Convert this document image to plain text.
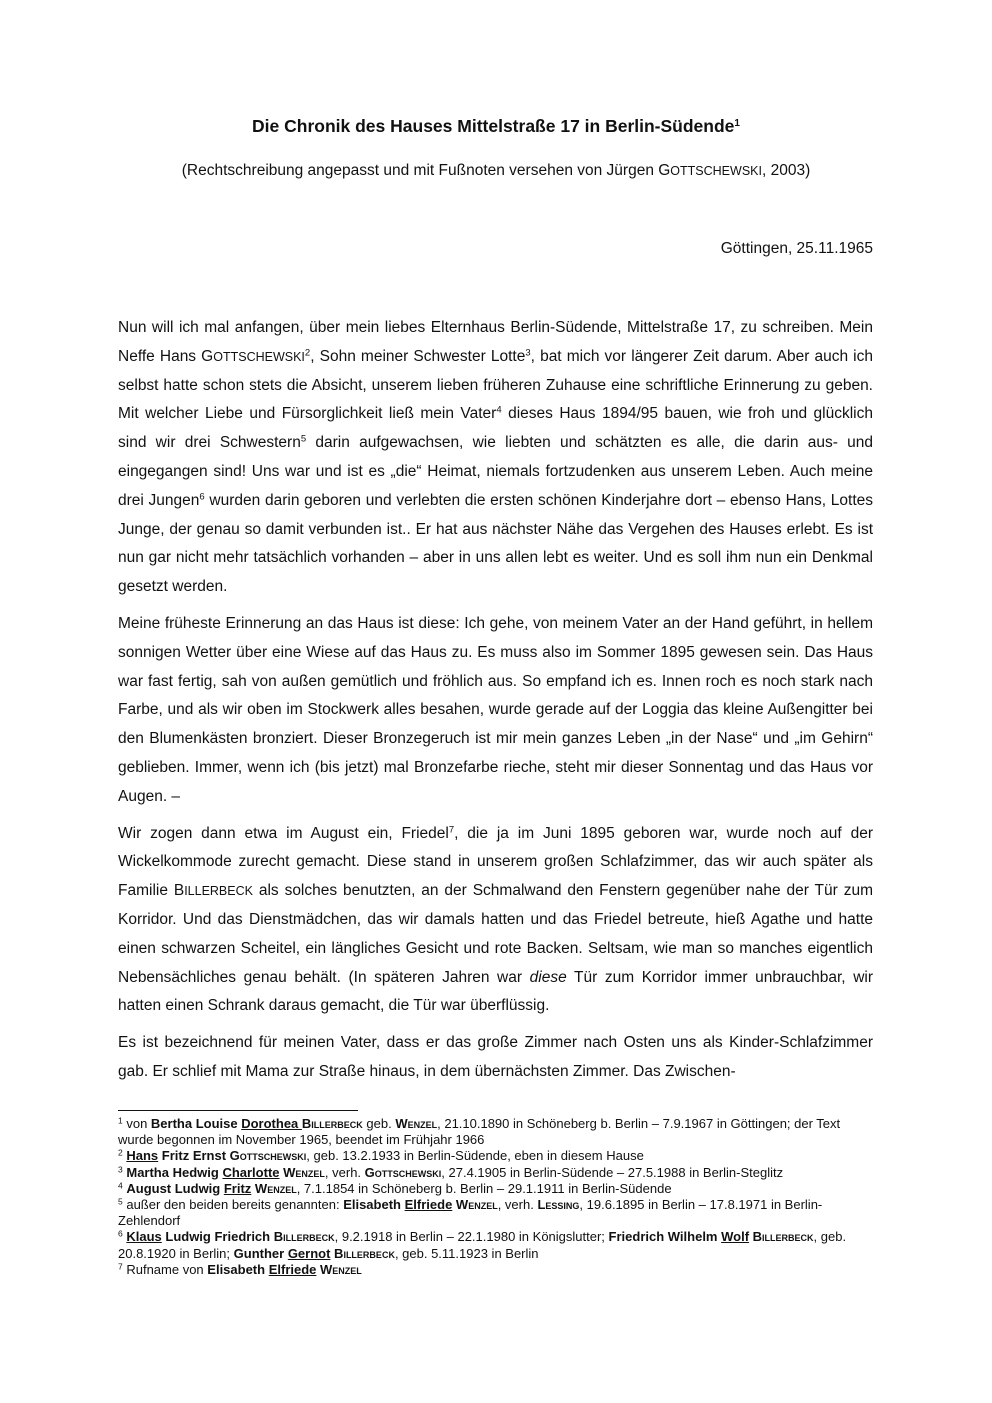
Die Chronik des Hauses Mittelstraße 17 in Berlin-Südende$^1$
(Rechtschreibung angepasst und mit Fußnoten versehen von Jürgen GOTTSCHEWSKI, 2003)
Göttingen, 25.11.1965

Nun will ich mal anfangen, über mein liebes Elternhaus Berlin-Südende, Mittelstraße 17, zu schreiben. Mein Neffe Hans GOTTSCHEWSKI$^2$, Sohn meiner Schwester Lotte$^3$, bat mich vor längerer Zeit darum. Aber auch ich selbst hatte schon stets die Absicht, unserem lieben früheren Zuhause eine schriftliche Erinnerung zu geben. Mit welcher Liebe und Fürsorglichkeit ließ mein Vater$^4$ dieses Haus 1894/95 bauen, wie froh und glücklich sind wir drei Schwestern$^5$ darin aufgewachsen, wie liebten und schätzten es alle, die darin aus- und eingegangen sind! Uns war und ist es „die“ Heimat, niemals fortzudenken aus unserem Leben. Auch meine drei Jungen$^6$ wurden darin geboren und verlebten die ersten schönen Kinderjahre dort – ebenso Hans, Lottes Junge, der genau so damit verbunden ist.. Er hat aus nächster Nähe das Vergehen des Hauses erlebt. Es ist nun gar nicht mehr tatsächlich vorhanden – aber in uns allen lebt es weiter. Und es soll ihm nun ein Denkmal gesetzt werden.

Meine früheste Erinnerung an das Haus ist diese: Ich gehe, von meinem Vater an der Hand geführt, in hellem sonnigen Wetter über eine Wiese auf das Haus zu. Es muss also im Sommer 1895 gewesen sein. Das Haus war fast fertig, sah von außen gemütlich und fröhlich aus. So empfand ich es. Innen roch es noch stark nach Farbe, und als wir oben im Stockwerk alles besahen, wurde gerade auf der Loggia das kleine Außengitter bei den Blumenkästen bronziert. Dieser Bronzegeruch ist mir mein ganzes Leben „in der Nase“ und „im Gehirn“ geblieben. Immer, wenn ich (bis jetzt) mal Bronzefarbe rieche, steht mir dieser Sonnentag und das Haus vor Augen. –

Wir zogen dann etwa im August ein, Friedel$^7$, die ja im Juni 1895 geboren war, wurde noch auf der Wickelkommode zurecht gemacht. Diese stand in unserem großen Schlafzimmer, das wir auch später als Familie BILLERBECK als solches benutzten, an der Schmalwand den Fenstern gegenüber nahe der Tür zum Korridor. Und das Dienstmädchen, das wir damals hatten und das Friedel betreute, hieß Agathe und hatte einen schwarzen Scheitel, ein längliches Gesicht und rote Backen. Seltsam, wie man so manches eigentlich Nebensächliches genau behält. (In späteren Jahren war diese Tür zum Korridor immer unbrauchbar, wir hatten einen Schrank daraus gemacht, die Tür war überflüssig.

Es ist bezeichnend für meinen Vater, dass er das große Zimmer nach Osten uns als Kinder-Schlafzimmer gab. Er schlief mit Mama zur Straße hinaus, in dem übernächsten Zimmer. Das Zwischen-

$^1$ von Bertha Louise Dorothea Billerbeck geb. Wenzel, 21.10.1890 in Schöneberg b. Berlin – 7.9.1967 in Göttingen; der Text wurde begonnen im November 1965, beendet im Frühjahr 1966
$^2$ Hans Fritz Ernst Gottschewski, geb. 13.2.1933 in Berlin-Südende, eben in diesem Hause
$^3$ Martha Hedwig Charlotte Wenzel, verh. Gottschewski, 27.4.1905 in Berlin-Südende – 27.5.1988 in Berlin-Steglitz
$^4$ August Ludwig Fritz Wenzel, 7.1.1854 in Schöneberg b. Berlin – 29.1.1911 in Berlin-Südende
$^5$ außer den beiden bereits genannten: Elisabeth Elfriede Wenzel, verh. Lessing, 19.6.1895 in Berlin – 17.8.1971 in Berlin-Zehlendorf
$^6$ Klaus Ludwig Friedrich Billerbeck, 9.2.1918 in Berlin – 22.1.1980 in Königslutter; Friedrich Wilhelm Wolf Billerbeck, geb. 20.8.1920 in Berlin; Gunther Gernot Billerbeck, geb. 5.11.1923 in Berlin
$^7$ Rufname von Elisabeth Elfriede Wenzel
